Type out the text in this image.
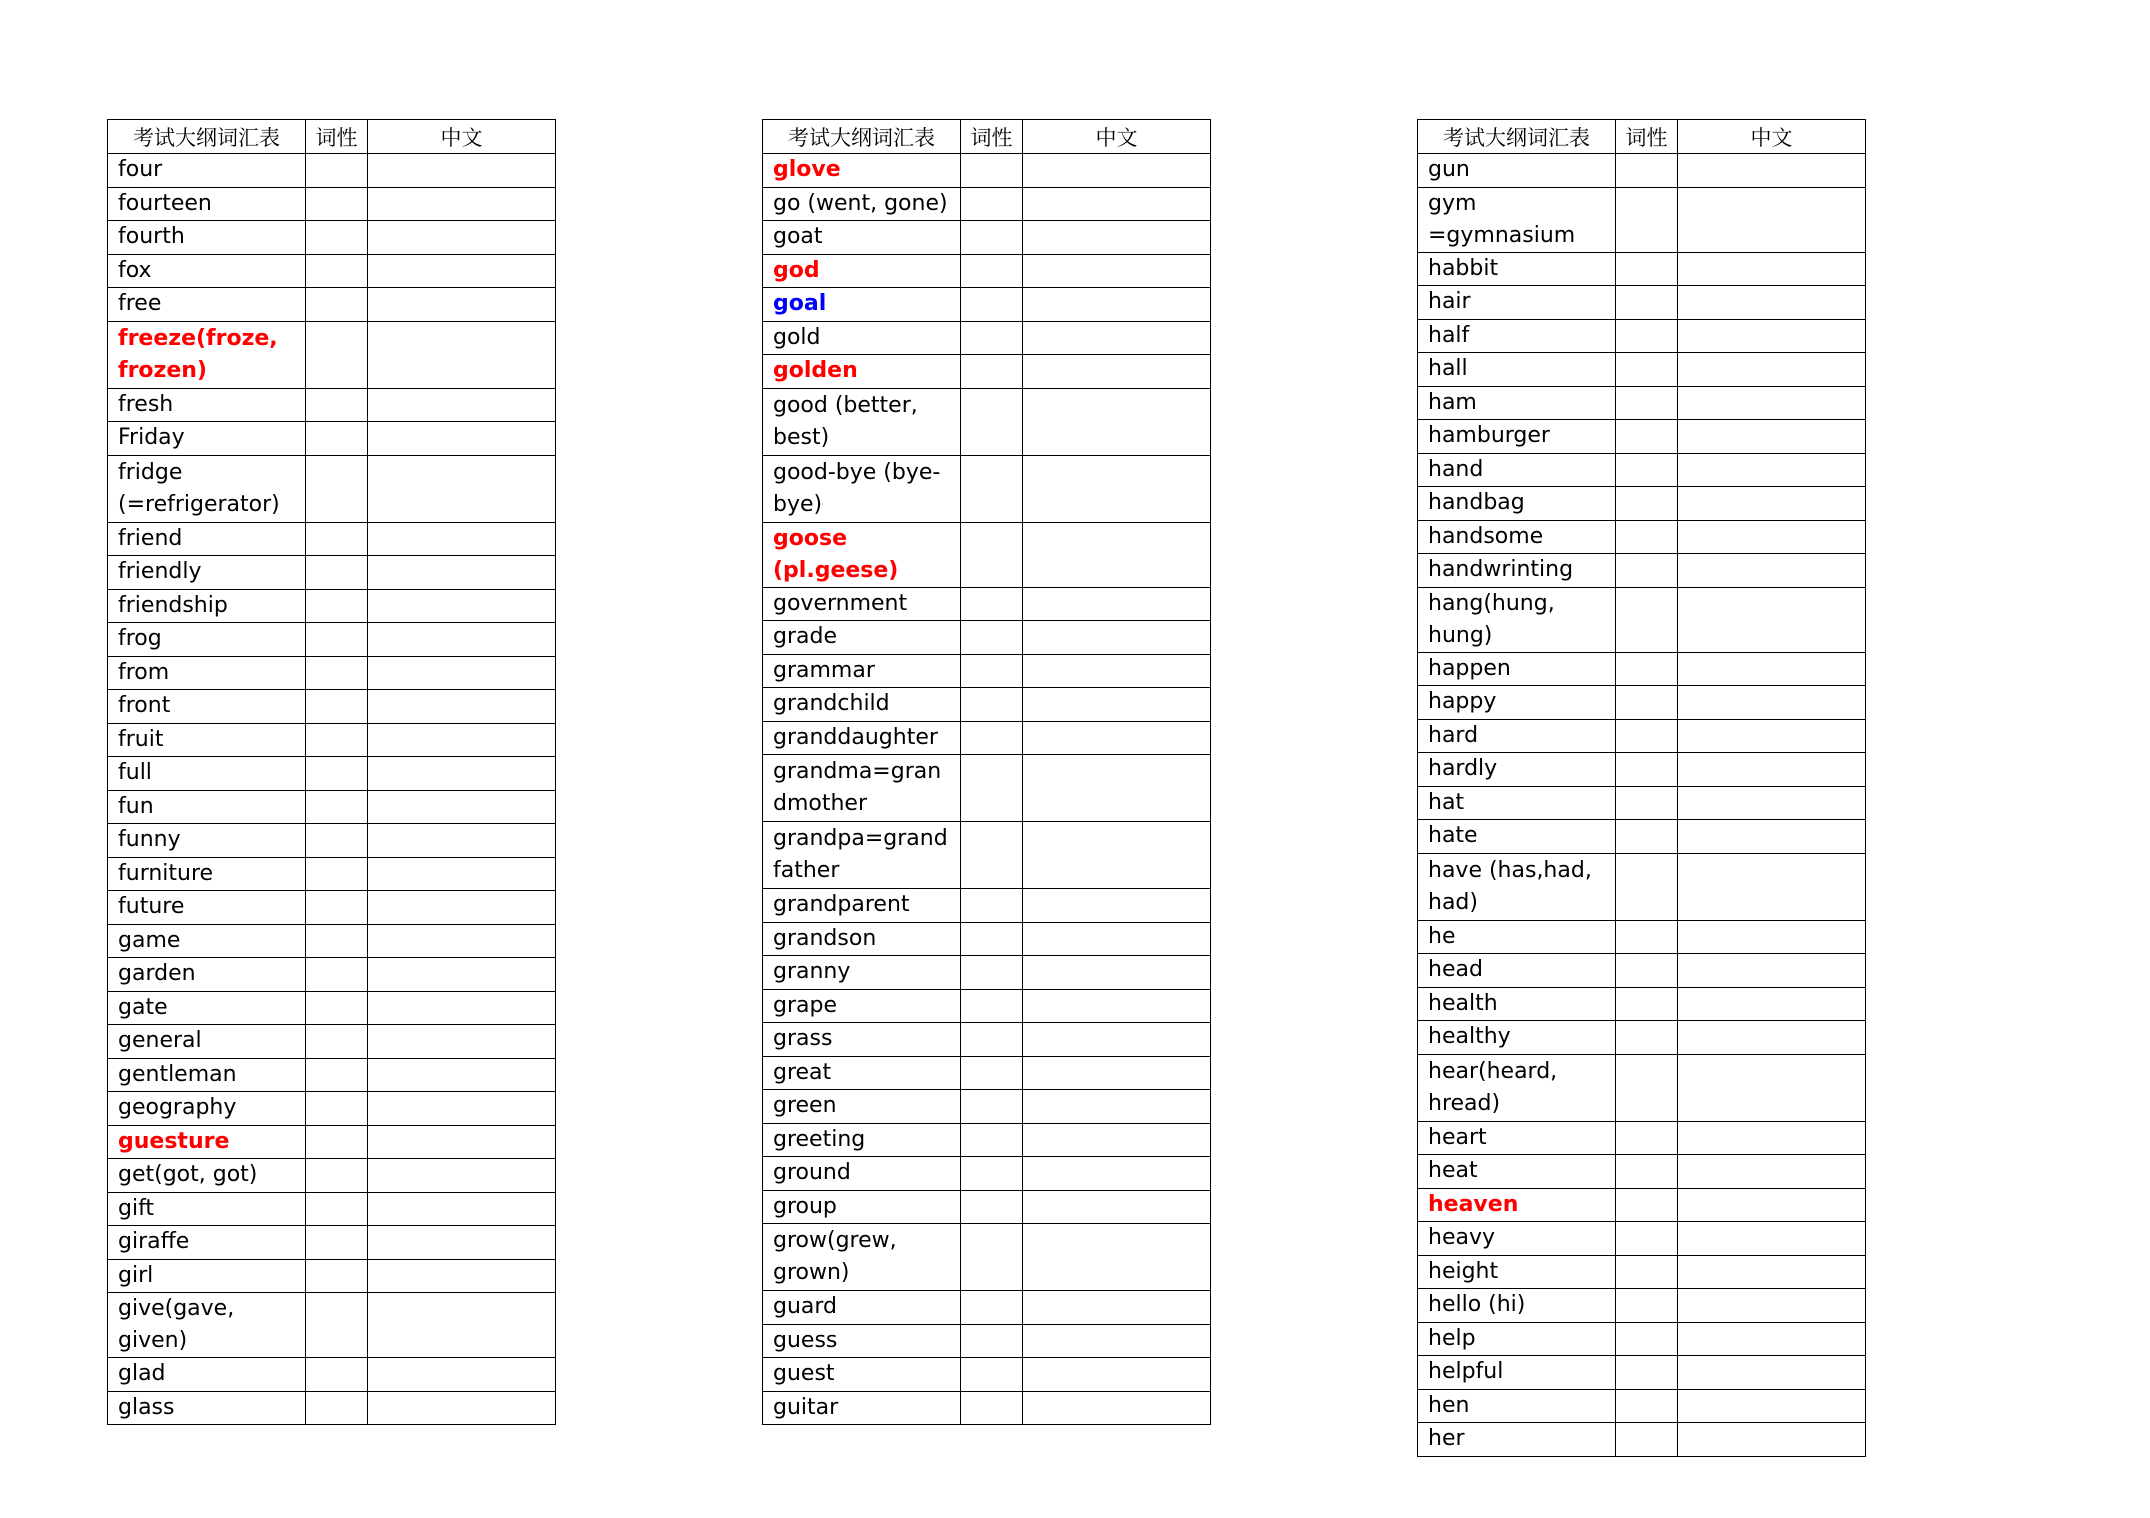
考试大纲词汇表	词性	中文
four		
fourteen		
fourth		
fox		
free		
freeze(froze, frozen)		
fresh		
Friday		
fridge (=refrigerator)		
friend		
friendly		
friendship		
frog		
from		
front		
fruit		
full		
fun		
funny		
furniture		
future		
game		
garden		
gate		
general		
gentleman		
geography		
guesture		
get(got, got)		
gift		
giraffe		
girl		
give(gave, given)		
glad		
glass		
考试大纲词汇表	词性	中文
glove		
go (went, gone)		
goat		
god		
goal		
gold		
golden		
good (better, best)		
good-bye (bye-bye)		
goose (pl.geese)		
government		
grade		
grammar		
grandchild		
granddaughter		
grandma=grandmother		
grandpa=grandfather		
grandparent		
grandson		
granny		
grape		
grass		
great		
green		
greeting		
ground		
group		
grow(grew, grown)		
guard		
guess		
guest		
guitar		
考试大纲词汇表	词性	中文
gun		
gym =gymnasium		
habbit		
hair		
half		
hall		
ham		
hamburger		
hand		
handbag		
handsome		
handwrinting		
hang(hung, hung)		
happen		
happy		
hard		
hardly		
hat		
hate		
have (has,had, had)		
he		
head		
health		
healthy		
hear(heard, hread)		
heart		
heat		
heaven		
heavy		
height		
hello (hi)		
help		
helpful		
hen		
her		
